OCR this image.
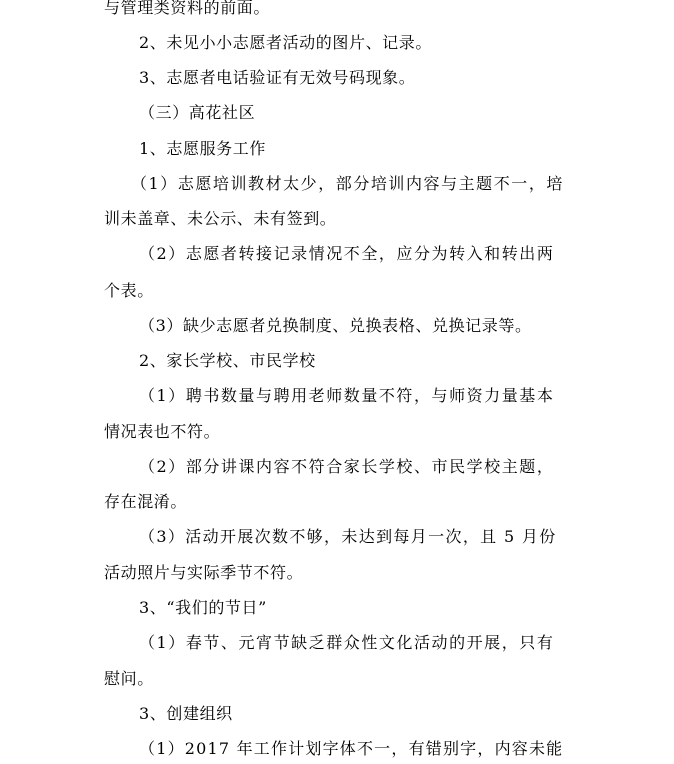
与管理类资料的前面。
2、未见小小志愿者活动的图片、记录。
3、志愿者电话验证有无效号码现象。
（三）高花社区
1、志愿服务工作
（1）志愿培训教材太少，部分培训内容与主题不一，培
训未盖章、未公示、未有签到。
（2）志愿者转接记录情况不全，应分为转入和转出两
个表。
（3）缺少志愿者兑换制度、兑换表格、兑换记录等。
2、家长学校、市民学校
（1）聘书数量与聘用老师数量不符，与师资力量基本
情况表也不符。
（2）部分讲课内容不符合家长学校、市民学校主题，
存在混淆。
（3）活动开展次数不够，未达到每月一次，且 5 月份
活动照片与实际季节不符。
3、“我们的节日”
（1）春节、元宵节缺乏群众性文化活动的开展，只有
慰问。
3、创建组织
（1）2017 年工作计划字体不一，有错别字，内容未能
